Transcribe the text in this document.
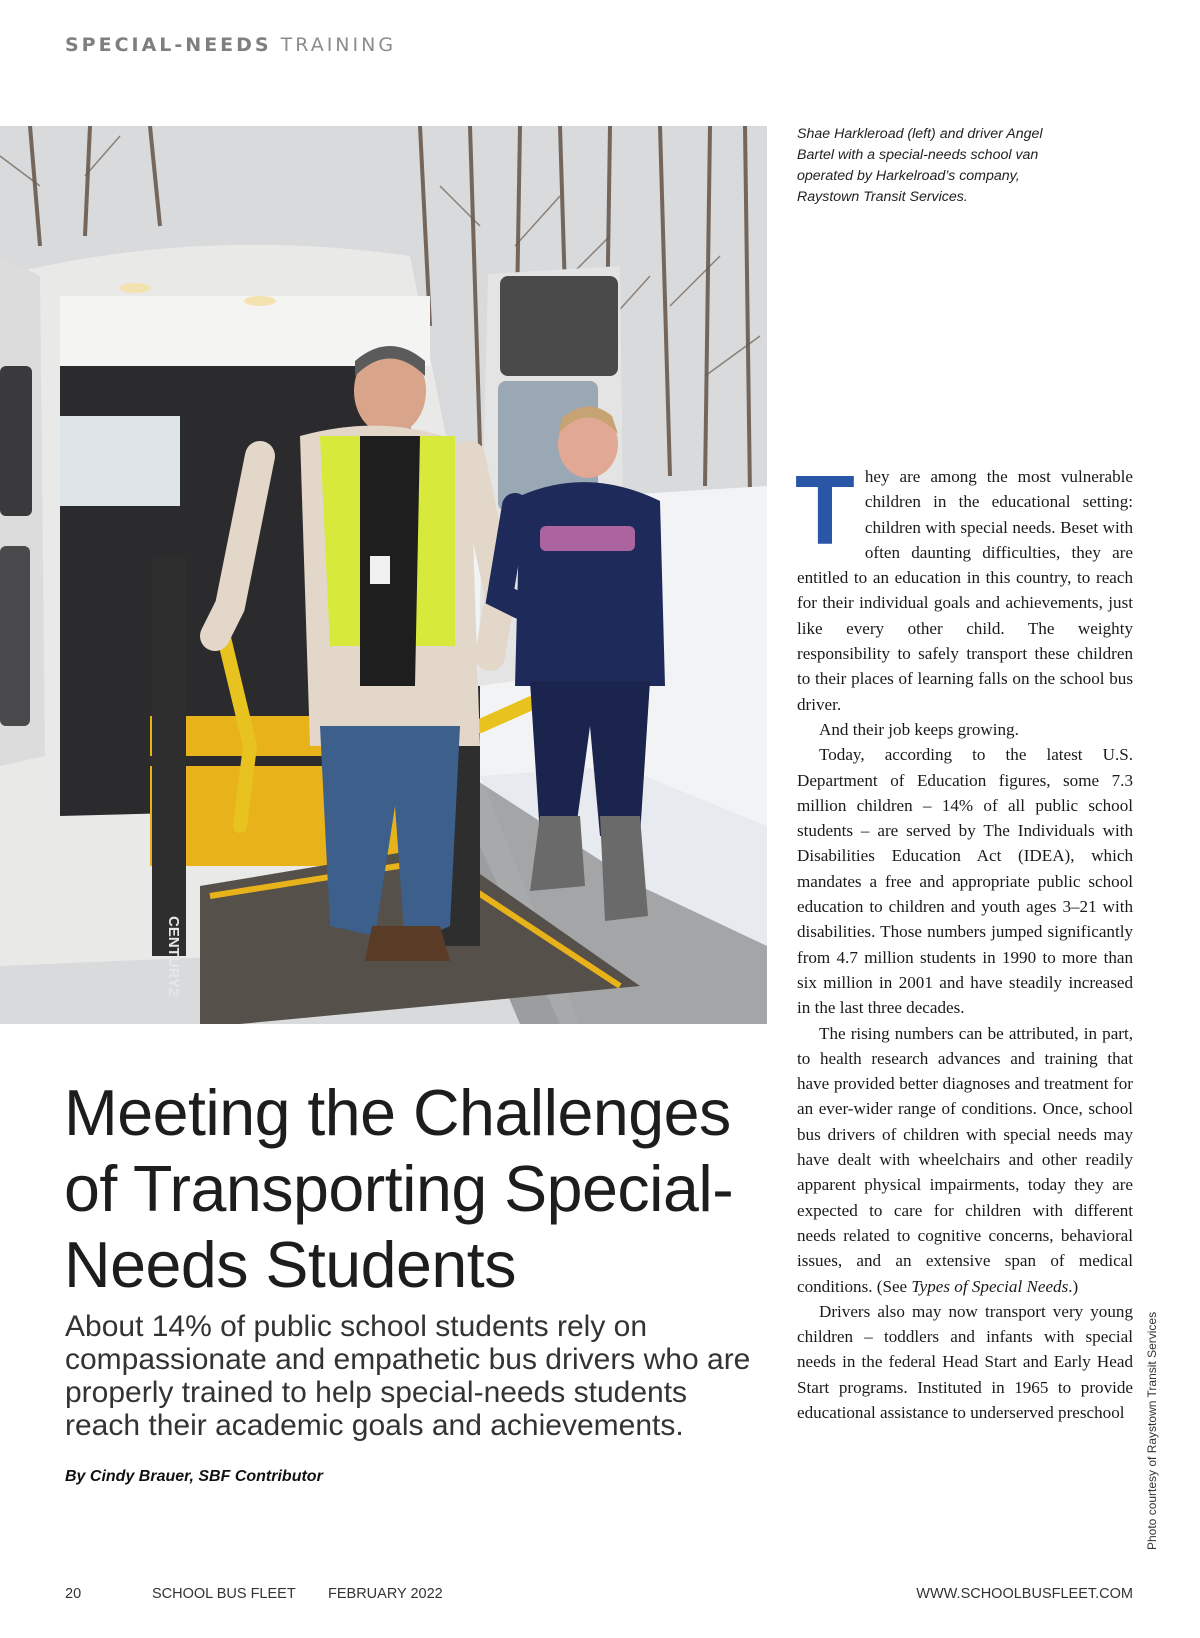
SPECIAL-NEEDS TRAINING
CENTURY2
Shae Harkleroad (left) and driver Angel Bartel with a special-needs school van operated by Harkelroad’s company, Raystown Transit Services.
Meeting the Challenges of Transporting Special-Needs Students

About 14% of public school students rely on compassionate and empathetic bus drivers who are properly trained to help special-needs students reach their academic goals and achievements.

By Cindy Brauer, SBF Contributor

They are among the most vulnerable children in the educational setting: children with special needs. Beset with often daunting difficulties, they are entitled to an education in this country, to reach for their individual goals and achievements, just like every other child. The weighty responsibility to safely transport these children to their places of learning falls on the school bus driver.

And their job keeps growing.

Today, according to the latest U.S. Department of Education figures, some 7.3 million children – 14% of all public school students – are served by The Individuals with Disabilities Education Act (IDEA), which mandates a free and appropriate public school education to children and youth ages 3–21 with disabilities. Those numbers jumped significantly from 4.7 million students in 1990 to more than six million in 2001 and have steadily increased in the last three decades.

The rising numbers can be attributed, in part, to health research advances and training that have provided better diagnoses and treatment for an ever-wider range of conditions. Once, school bus drivers of children with special needs may have dealt with wheelchairs and other readily apparent physical impairments, today they are expected to care for children with different needs related to cognitive concerns, behavioral issues, and an extensive span of medical conditions. (See Types of Special Needs.)

Drivers also may now transport very young children – toddlers and infants with special needs in the federal Head Start and Early Head Start programs. Instituted in 1965 to provide educational assistance to underserved preschool	Photo courtesy of Raystown Transit Services
20	SCHOOL BUS FLEET FEBRUARY 2022	WWW.SCHOOLBUSFLEET.COM
